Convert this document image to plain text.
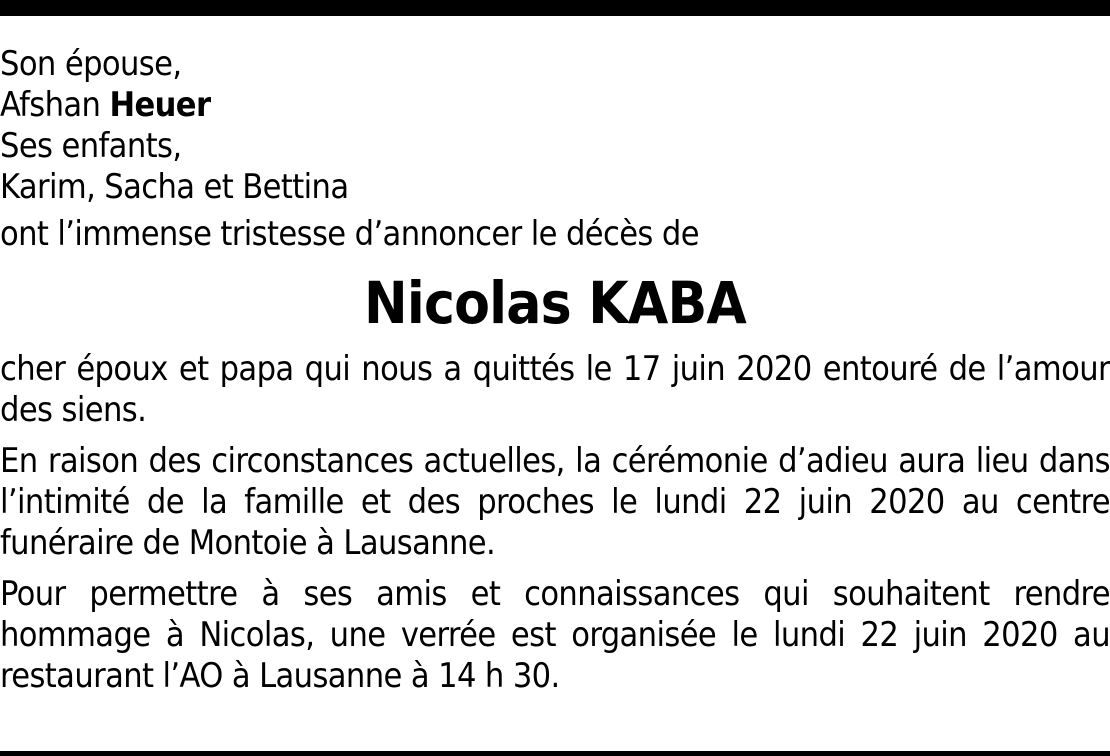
Son épouse,
Afshan Heuer
Ses enfants,
Karim, Sacha et Bettina
ont l’immense tristesse d’annoncer le décès de
Nicolas KABA

cher époux et papa qui nous a quittés le 17 juin 2020 entouré de l’amour des siens.

En raison des circonstances actuelles, la cérémonie d’adieu aura lieu dans l’intimité de la famille et des proches le lundi 22 juin 2020 au centre funéraire de Montoie à Lausanne.

Pour permettre à ses amis et connaissances qui souhaitent rendre hommage à Nicolas, une verrée est organisée le lundi 22 juin 2020 au restaurant l’AO à Lausanne à 14 h 30.
